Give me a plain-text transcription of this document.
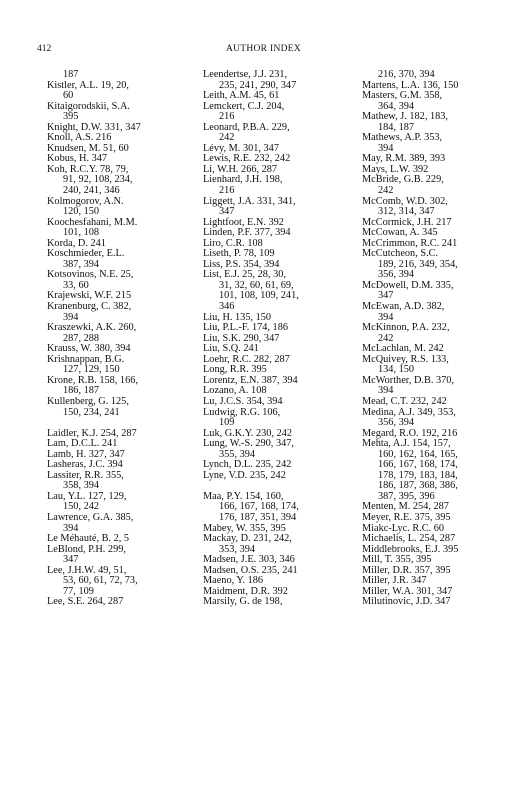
412	AUTHOR INDEX
187
Kistler, A.L. 19, 20,
60
Kitaigorodskii, S.A.
395
Knight, D.W. 331, 347
Knoll, A.S. 216
Knudsen, M. 51, 60
Kobus, H. 347
Koh, R.C.Y. 78, 79,
91, 92, 108, 234,
240, 241, 346
Kolmogorov, A.N.
120, 150
Koochesfahani, M.M.
101, 108
Korda, D. 241
Koschmieder, E.L.
387, 394
Kotsovinos, N.E. 25,
33, 60
Krajewski, W.F. 215
Kranenburg, C. 382,
394
Kraszewki, A.K. 260,
287, 288
Krauss, W. 380, 394
Krishnappan, B.G.
127, 129, 150
Krone, R.B. 158, 166,
186, 187
Kullenberg, G. 125,
150, 234, 241
Laidler, K.J. 254, 287
Lam, D.C.L. 241
Lamb, H. 327, 347
Lasheras, J.C. 394
Lassiter, R.R. 355,
358, 394
Lau, Y.L. 127, 129,
150, 242
Lawrence, G.A. 385,
394
Le Méhauté, B. 2, 5
LeBlond, P.H. 299,
347
Lee, J.H.W. 49, 51,
53, 60, 61, 72, 73,
77, 109
Lee, S.E. 264, 287
Leendertse, J.J. 231,
235, 241, 290, 347
Leith, A.M. 45, 61
Lemckert, C.J. 204,
216
Leonard, P.B.A. 229,
242
Lévy, M. 301, 347
Lewis, R.E. 232, 242
Li, W.H. 266, 287
Lienhard, J.H. 198,
216
Liggett, J.A. 331, 341,
347
Lightfoot, E.N. 392
Linden, P.F. 377, 394
Liro, C.R. 108
Liseth, P. 78, 109
Liss, P.S. 354, 394
List, E.J. 25, 28, 30,
31, 32, 60, 61, 69,
101, 108, 109, 241,
346
Liu, H. 135, 150
Liu, P.L.-F. 174, 186
Liu, S.K. 290, 347
Liu, S.Q. 241
Loehr, R.C. 282, 287
Long, R.R. 395
Lorentz, E.N. 387, 394
Lozano, A. 108
Lu, J.C.S. 354, 394
Ludwig, R.G. 106,
109
Luk, G.K.Y. 230, 242
Lung, W.-S. 290, 347,
355, 394
Lynch, D.L. 235, 242
Lyne, V.D. 235, 242
Maa, P.Y. 154, 160,
166, 167, 168, 174,
176, 187, 351, 394
Mabey, W. 355, 395
Mackay, D. 231, 242,
353, 394
Madsen, J.E. 303, 346
Madsen, O.S. 235, 241
Maeno, Y. 186
Maidment, D.R. 392
Marsily, G. de 198,
216, 370, 394
Martens, L.A. 136, 150
Masters, G.M. 358,
364, 394
Mathew, J. 182, 183,
184, 187
Mathews, A.P. 353,
394
May, R.M. 389, 393
Mays, L.W. 392
McBride, G.B. 229,
242
McComb, W.D. 302,
312, 314, 347
McCormick, J.H. 217
McCowan, A. 345
McCrimmon, R.C. 241
McCutcheon, S.C.
189, 216, 349, 354,
356, 394
McDowell, D.M. 335,
347
McEwan, A.D. 382,
394
McKinnon, P.A. 232,
242
McLachlan, M. 242
McQuivey, R.S. 133,
134, 150
McWorther, D.B. 370,
394
Mead, C.T. 232, 242
Medina, A.J. 349, 353,
356, 394
Megard, R.O. 192, 216
Mehta, A.J. 154, 157,
160, 162, 164, 165,
166, 167, 168, 174,
178, 179, 183, 184,
186, 187, 368, 386,
387, 395, 396
Menten, M. 254, 287
Meyer, R.E. 375, 395
Miakc-Lyc. R.C. 60
Michaelis, L. 254, 287
Middlebrooks, E.J. 395
Mill, T. 355, 395
Miller, D.R. 357, 395
Miller, J.R. 347
Miller, W.A. 301, 347
Milutinovic, J.D. 347
